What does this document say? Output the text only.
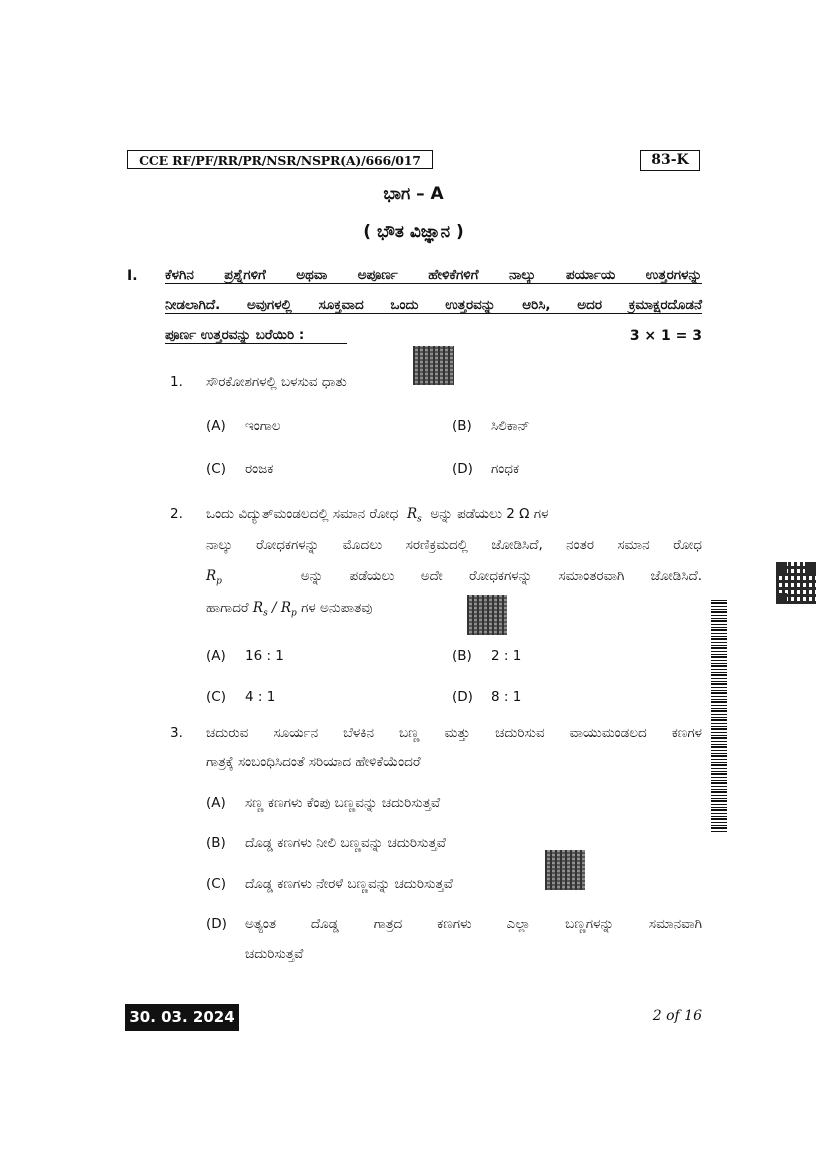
CCE RF/PF/RR/PR/NSR/NSPR(A)/666/017	83-K
ಭಾಗ – A
( ಭೌತ ವಿಜ್ಞಾನ )
I. ಕೆಳಗಿನ ಪ್ರಶ್ನೆಗಳಿಗೆ ಅಥವಾ ಅಪೂರ್ಣ ಹೇಳಿಕೆಗಳಿಗೆ ನಾಲ್ಕು ಪರ್ಯಾಯ ಉತ್ತರಗಳನ್ನು
ನೀಡಲಾಗಿದೆ. ಅವುಗಳಲ್ಲಿ ಸೂಕ್ತವಾದ ಒಂದು ಉತ್ತರವನ್ನು ಆರಿಸಿ, ಅದರ ಕ್ರಮಾಕ್ಷರದೊಡನೆ
ಪೂರ್ಣ ಉತ್ತರವನ್ನು ಬರೆಯಿರಿ :	3 × 1 = 3
1. ಸೌರಕೋಶಗಳಲ್ಲಿ ಬಳಸುವ ಧಾತು
(A) ಇಂಗಾಲ	(B) ಸಿಲಿಕಾನ್
(C) ರಂಜಕ	(D) ಗಂಧಕ
2. ಒಂದು ವಿದ್ಯುತ್‌ಮಂಡಲದಲ್ಲಿ ಸಮಾನ ರೋಧ $R_s$ ಅನ್ನು ಪಡೆಯಲು 2 Ω ಗಳ
ನಾಲ್ಕು ರೋಧಕಗಳನ್ನು ಮೊದಲು ಸರಣಿಕ್ರಮದಲ್ಲಿ ಜೋಡಿಸಿದೆ, ನಂತರ ಸಮಾನ ರೋಧ
$R_p$	ಅನ್ನು ಪಡೆಯಲು ಅದೇ ರೋಧಕಗಳನ್ನು ಸಮಾಂತರವಾಗಿ ಜೋಡಿಸಿದೆ.
ಹಾಗಾದರೆ $R_s / R_p$ ಗಳ ಅನುಪಾತವು
(A) 16 : 1	(B) 2 : 1
(C) 4 : 1	(D) 8 : 1
3. ಚದುರುವ ಸೂರ್ಯನ ಬೆಳಕಿನ ಬಣ್ಣ ಮತ್ತು ಚದುರಿಸುವ ವಾಯುಮಂಡಲದ ಕಣಗಳ
ಗಾತ್ರಕ್ಕೆ ಸಂಬಂಧಿಸಿದಂತೆ ಸರಿಯಾದ ಹೇಳಿಕೆಯೆಂದರೆ
(A) ಸಣ್ಣ ಕಣಗಳು ಕೆಂಪು ಬಣ್ಣವನ್ನು ಚದುರಿಸುತ್ತವೆ
(B) ದೊಡ್ಡ ಕಣಗಳು ನೀಲಿ ಬಣ್ಣವನ್ನು ಚದುರಿಸುತ್ತವೆ
(C) ದೊಡ್ಡ ಕಣಗಳು ನೇರಳೆ ಬಣ್ಣವನ್ನು ಚದುರಿಸುತ್ತವೆ
(D) ಅತ್ಯಂತ ದೊಡ್ಡ ಗಾತ್ರದ ಕಣಗಳು ಎಲ್ಲಾ ಬಣ್ಣಗಳನ್ನು ಸಮಾನವಾಗಿ
ಚದುರಿಸುತ್ತವೆ
30. 03. 2024	2 of 16
